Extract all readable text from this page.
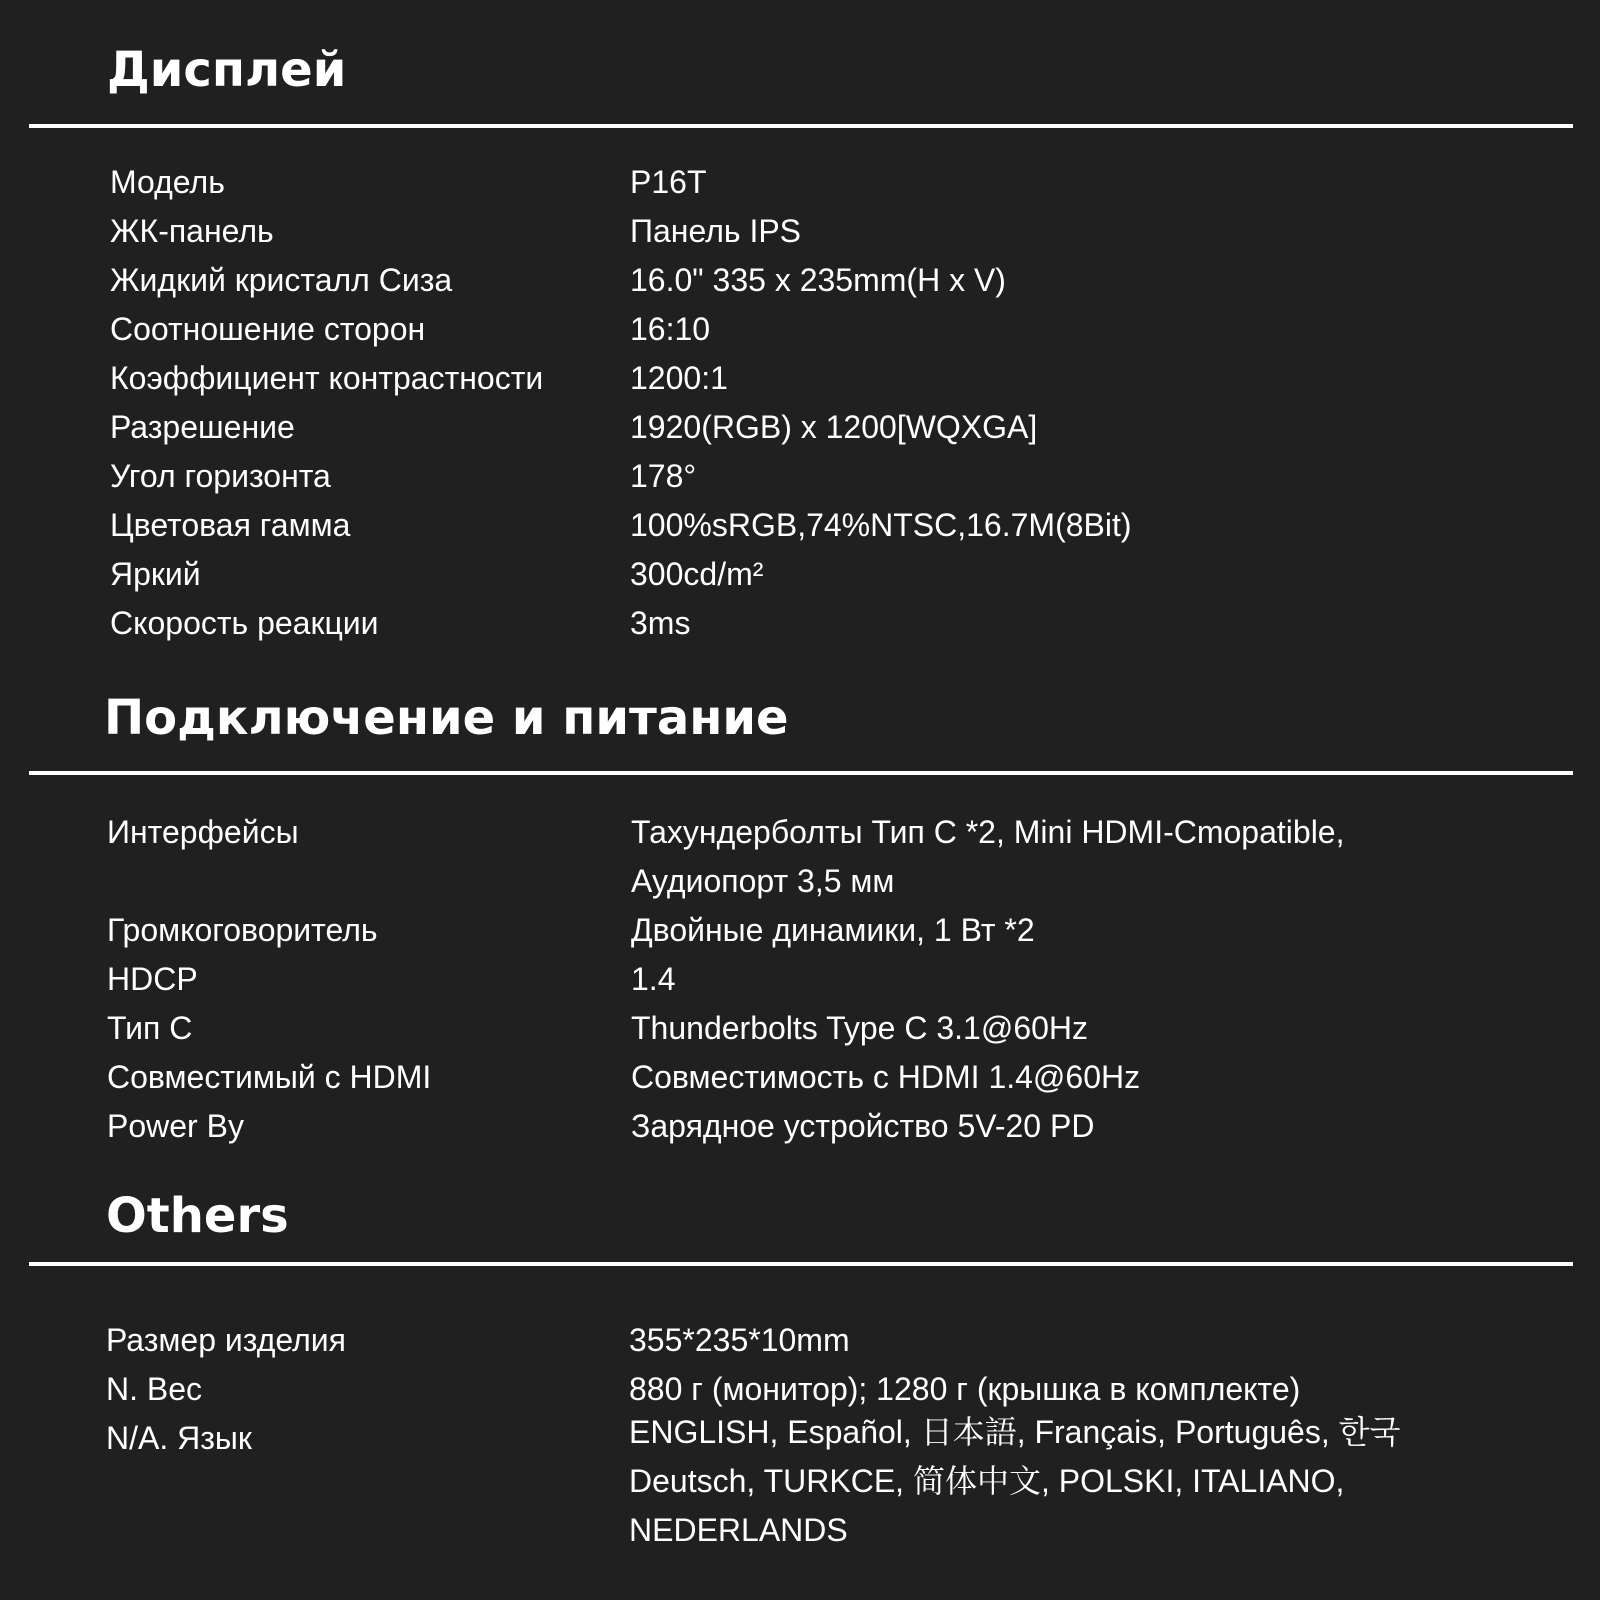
Дисплей
Модель	P16T
ЖК-панель	Панель IPS
Жидкий кристалл Сиза	16.0" 335 x 235mm(H x V)
Соотношение сторон	16:10
Коэффициент контрастности	1200:1
Разрешение	1920(RGB) x 1200[WQXGA]
Угол горизонта	178°
Цветовая гамма	100%sRGB,74%NTSC,16.7M(8Bit)
Яркий	300cd/m²
Скорость реакции	3ms
Подключение и питание
Интерфейсы	Тахундерболты Тип С *2, Mini HDMI-Cmopatible,
Аудиопорт 3,5 мм
Громкоговоритель	Двойные динамики, 1 Вт *2
HDCP	1.4
Тип C	Thunderbolts Type C 3.1@60Hz
Совместимый с HDMI	Совместимость с HDMI 1.4@60Hz
Power By	Зарядное устройство 5V-20 PD
Others
Размер изделия	355*235*10mm
N. Вес	880 г (монитор); 1280 г (крышка в комплекте)
N/A. Язык	ENGLISH, Español, 日本語, Français, Português, 한국
Deutsch, TURKCE, 简体中文, POLSKI, ITALIANO,
NEDERLANDS
